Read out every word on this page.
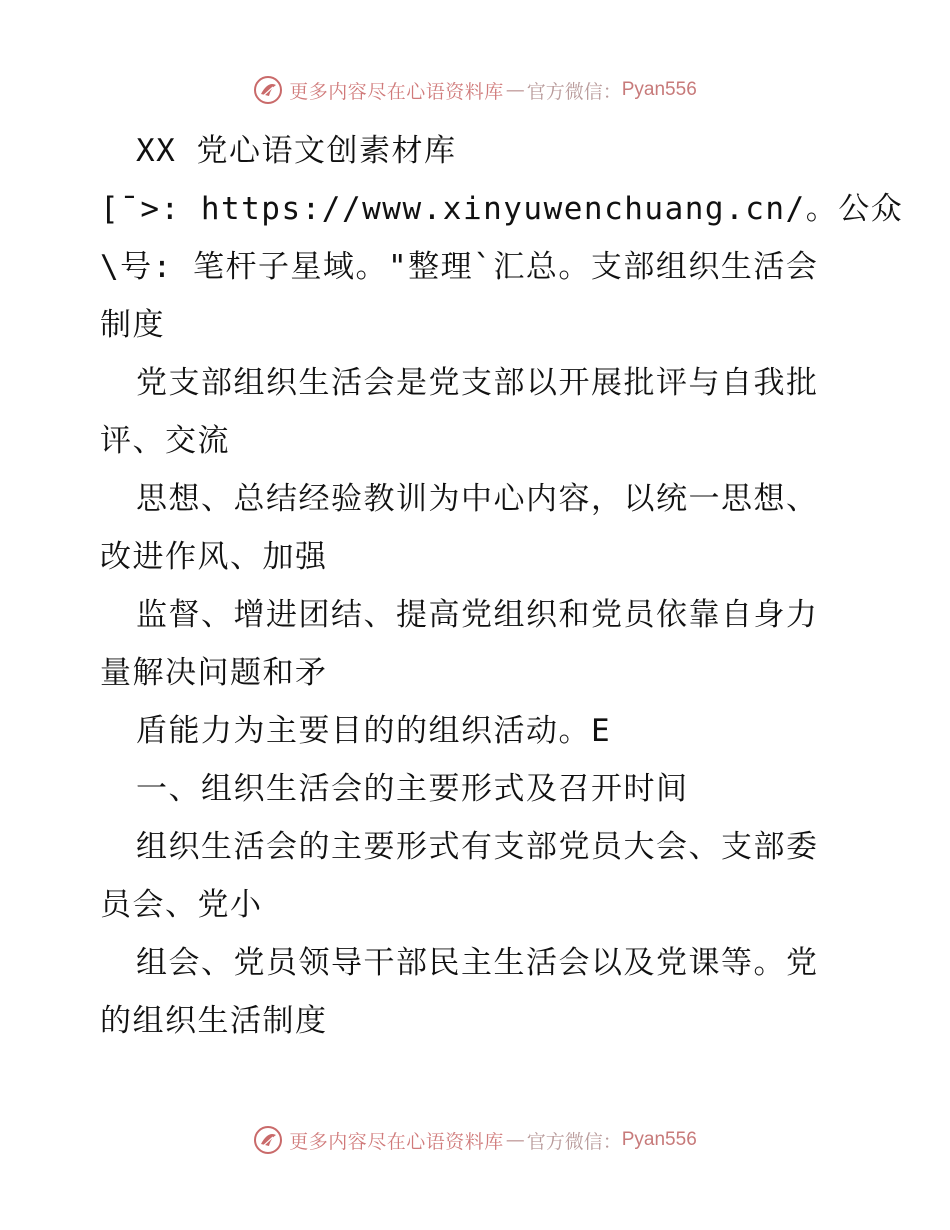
更多内容尽在心语资料库 — 官方微信： Pyan556
XX 党心语文创素材库
[¯>: https://www.xinyuwenchuang.cn/。公众
\号: 笔杆子星域。"整理`汇总。支部组织生活会
制度
党支部组织生活会是党支部以开展批评与自我批
评、交流
思想、总结经验教训为中心内容，以统一思想、
改进作风、加强
监督、增进团结、提高党组织和党员依靠自身力
量解决问题和矛
盾能力为主要目的的组织活动。E
一、组织生活会的主要形式及召开时间
组织生活会的主要形式有支部党员大会、支部委
员会、党小
组会、党员领导干部民主生活会以及党课等。党
的组织生活制度
更多内容尽在心语资料库 — 官方微信： Pyan556
